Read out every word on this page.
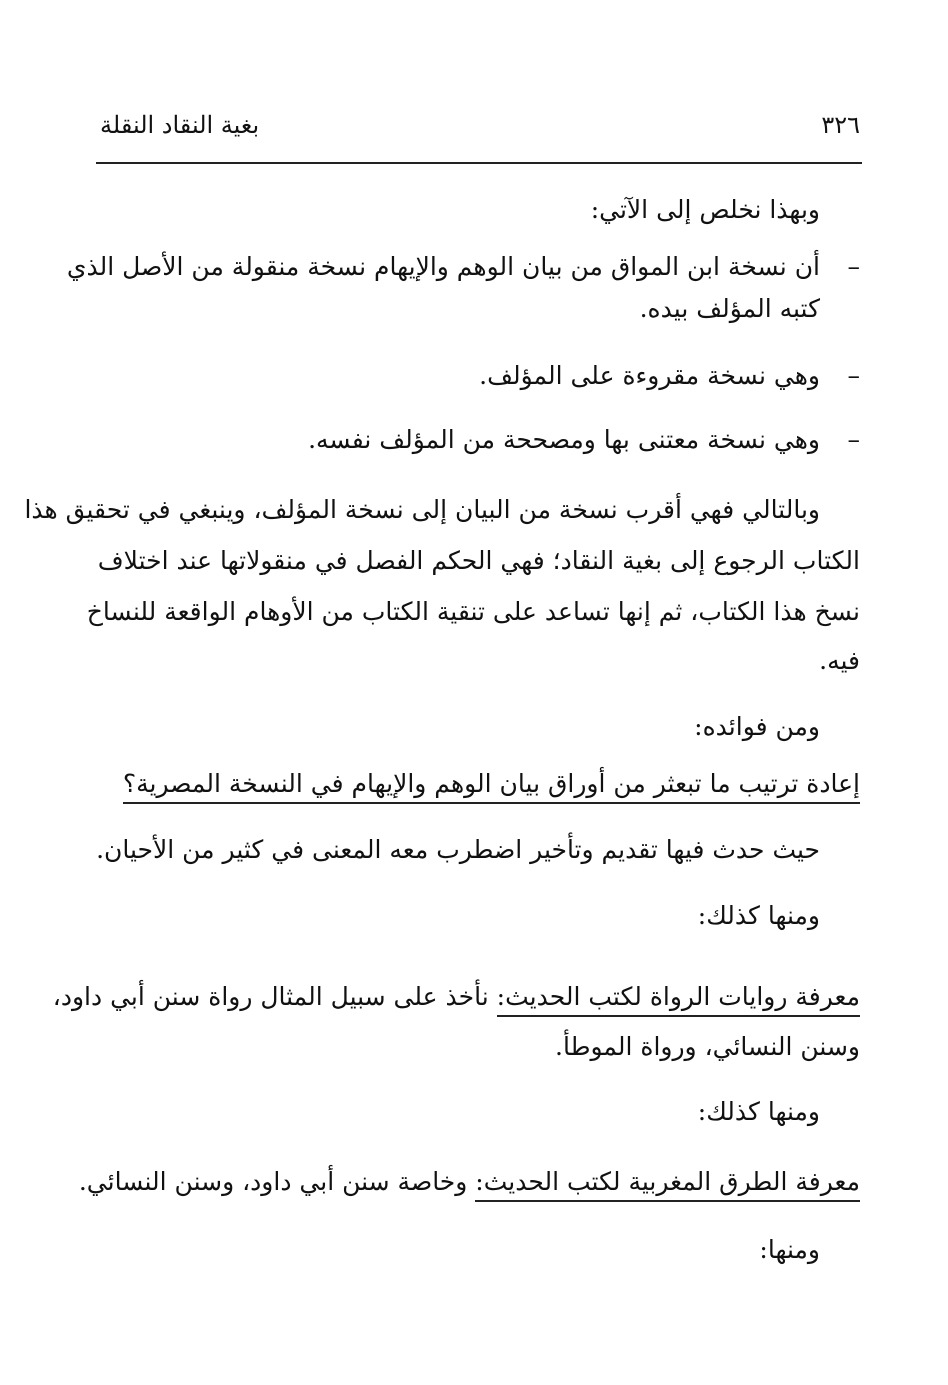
٣٢٦
بغية النقاد النقلة
وبهذا نخلص إلى الآتي:
–أن نسخة ابن المواق من بيان الوهم والإيهام نسخة منقولة من الأصل الذي
كتبه المؤلف بيده.
–وهي نسخة مقروءة على المؤلف.
–وهي نسخة معتنى بها ومصححة من المؤلف نفسه.
وبالتالي فهي أقرب نسخة من البيان إلى نسخة المؤلف، وينبغي في تحقيق هذا
الكتاب الرجوع إلى بغية النقاد؛ فهي الحكم الفصل في منقولاتها عند اختلاف
نسخ هذا الكتاب، ثم إنها تساعد على تنقية الكتاب من الأوهام الواقعة للنساخ
فيه.
ومن فوائده:
إعادة ترتيب ما تبعثر من أوراق بيان الوهم والإيهام في النسخة المصرية؟
حيث حدث فيها تقديم وتأخير اضطرب معه المعنى في كثير من الأحيان.
ومنها كذلك:
معرفة روايات الرواة لكتب الحديث: نأخذ على سبيل المثال رواة سنن أبي داود،
وسنن النسائي، ورواة الموطأ.
ومنها كذلك:
معرفة الطرق المغربية لكتب الحديث: وخاصة سنن أبي داود، وسنن النسائي.
ومنها:
